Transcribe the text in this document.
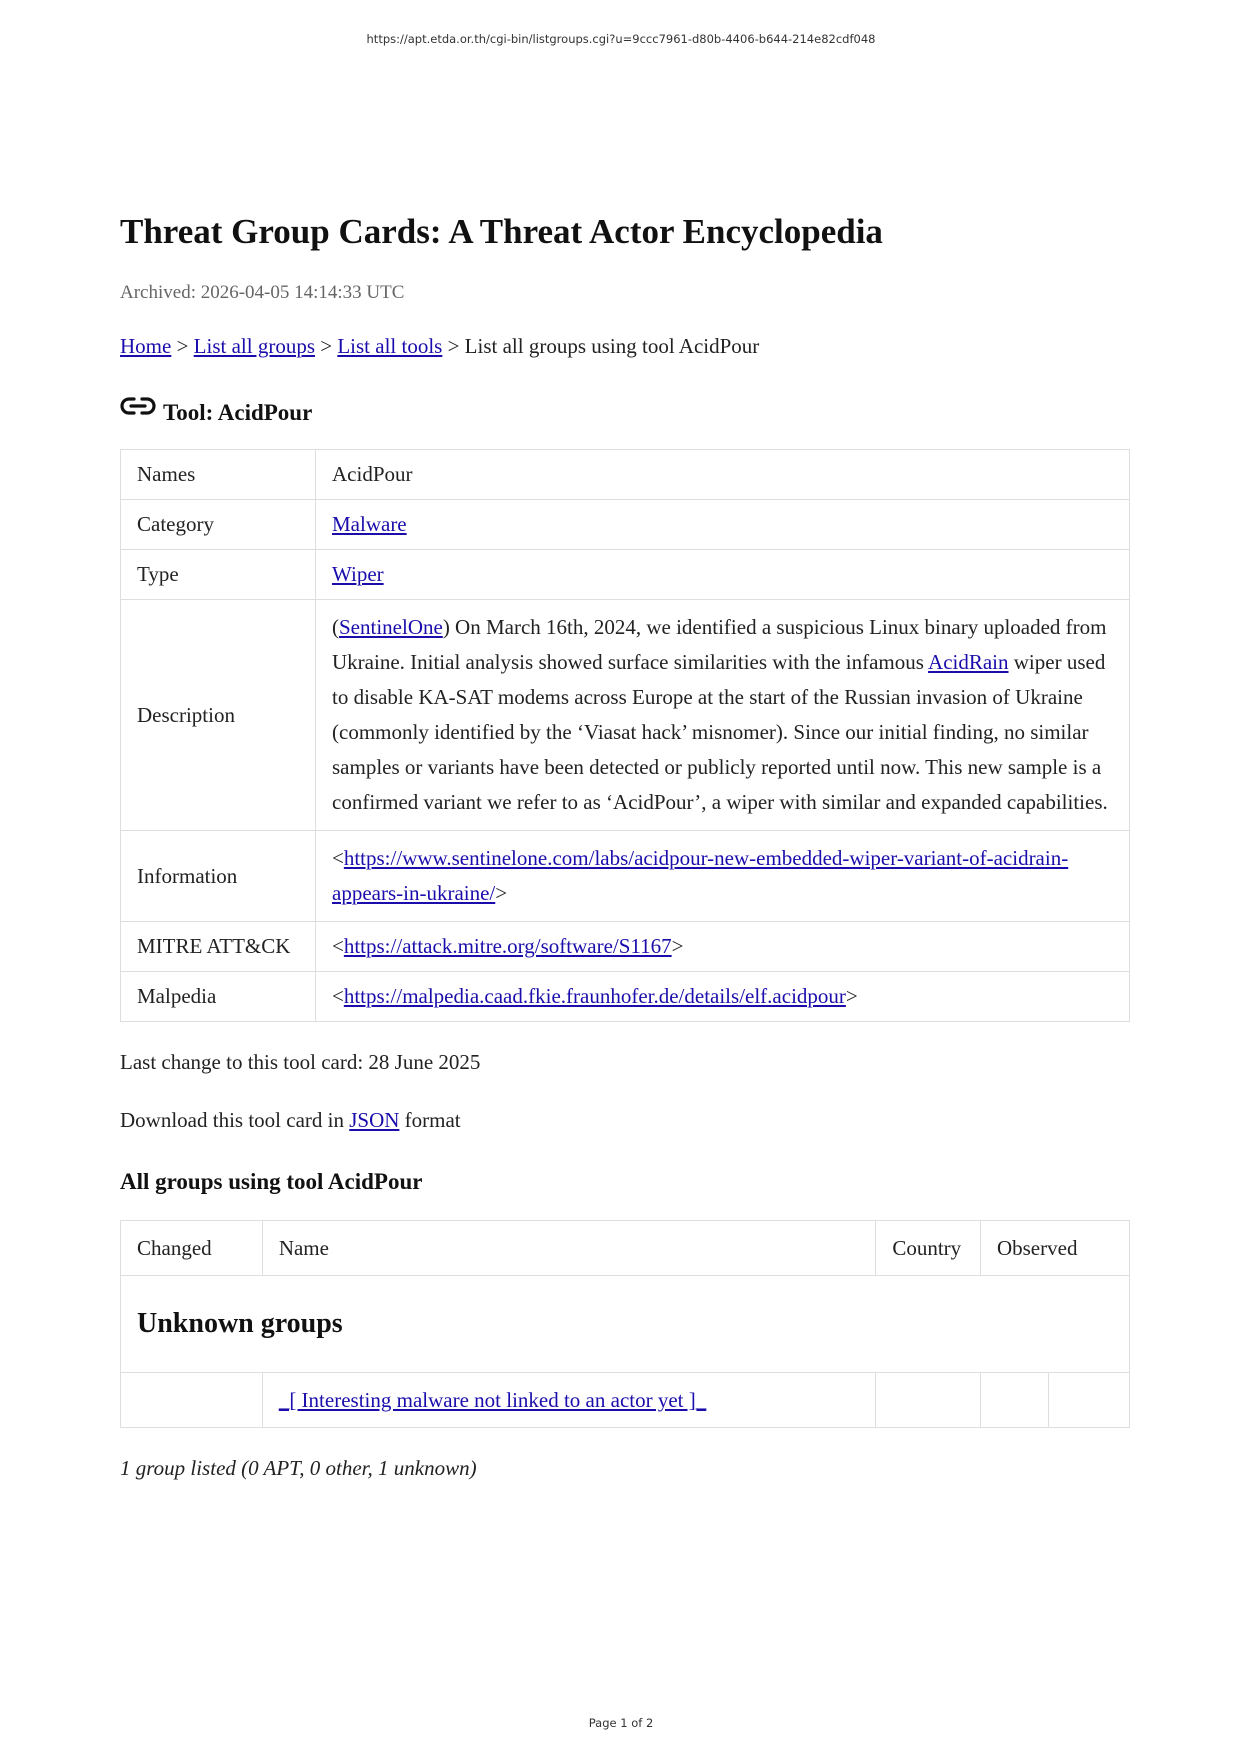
https://apt.etda.or.th/cgi-bin/listgroups.cgi?u=9ccc7961-d80b-4406-b644-214e82cdf048
Threat Group Cards: A Threat Actor Encyclopedia
Archived: 2026-04-05 14:14:33 UTC
Home > List all groups > List all tools > List all groups using tool AcidPour
Tool: AcidPour
Names	AcidPour
Category	Malware
Type	Wiper
Description	(SentinelOne) On March 16th, 2024, we identified a suspicious Linux binary uploaded from Ukraine. Initial analysis showed surface similarities with the infamous AcidRain wiper used to disable KA-SAT modems across Europe at the start of the Russian invasion of Ukraine (commonly identified by the ‘Viasat hack’ misnomer). Since our initial finding, no similar samples or variants have been detected or publicly reported until now. This new sample is a confirmed variant we refer to as ‘AcidPour’, a wiper with similar and expanded capabilities.
Information	<https://www.sentinelone.com/labs/acidpour-new-embedded-wiper-variant-of-acidrain-appears-in-ukraine/>
MITRE ATT&CK	<https://attack.mitre.org/software/S1167>
Malpedia	<https://malpedia.caad.fkie.fraunhofer.de/details/elf.acidpour>
Last change to this tool card: 28 June 2025
Download this tool card in JSON format
All groups using tool AcidPour
Changed	Name	Country	Observed	
Unknown groups				
	_[ Interesting malware not linked to an actor yet ]_			
1 group listed (0 APT, 0 other, 1 unknown)
Page 1 of 2
